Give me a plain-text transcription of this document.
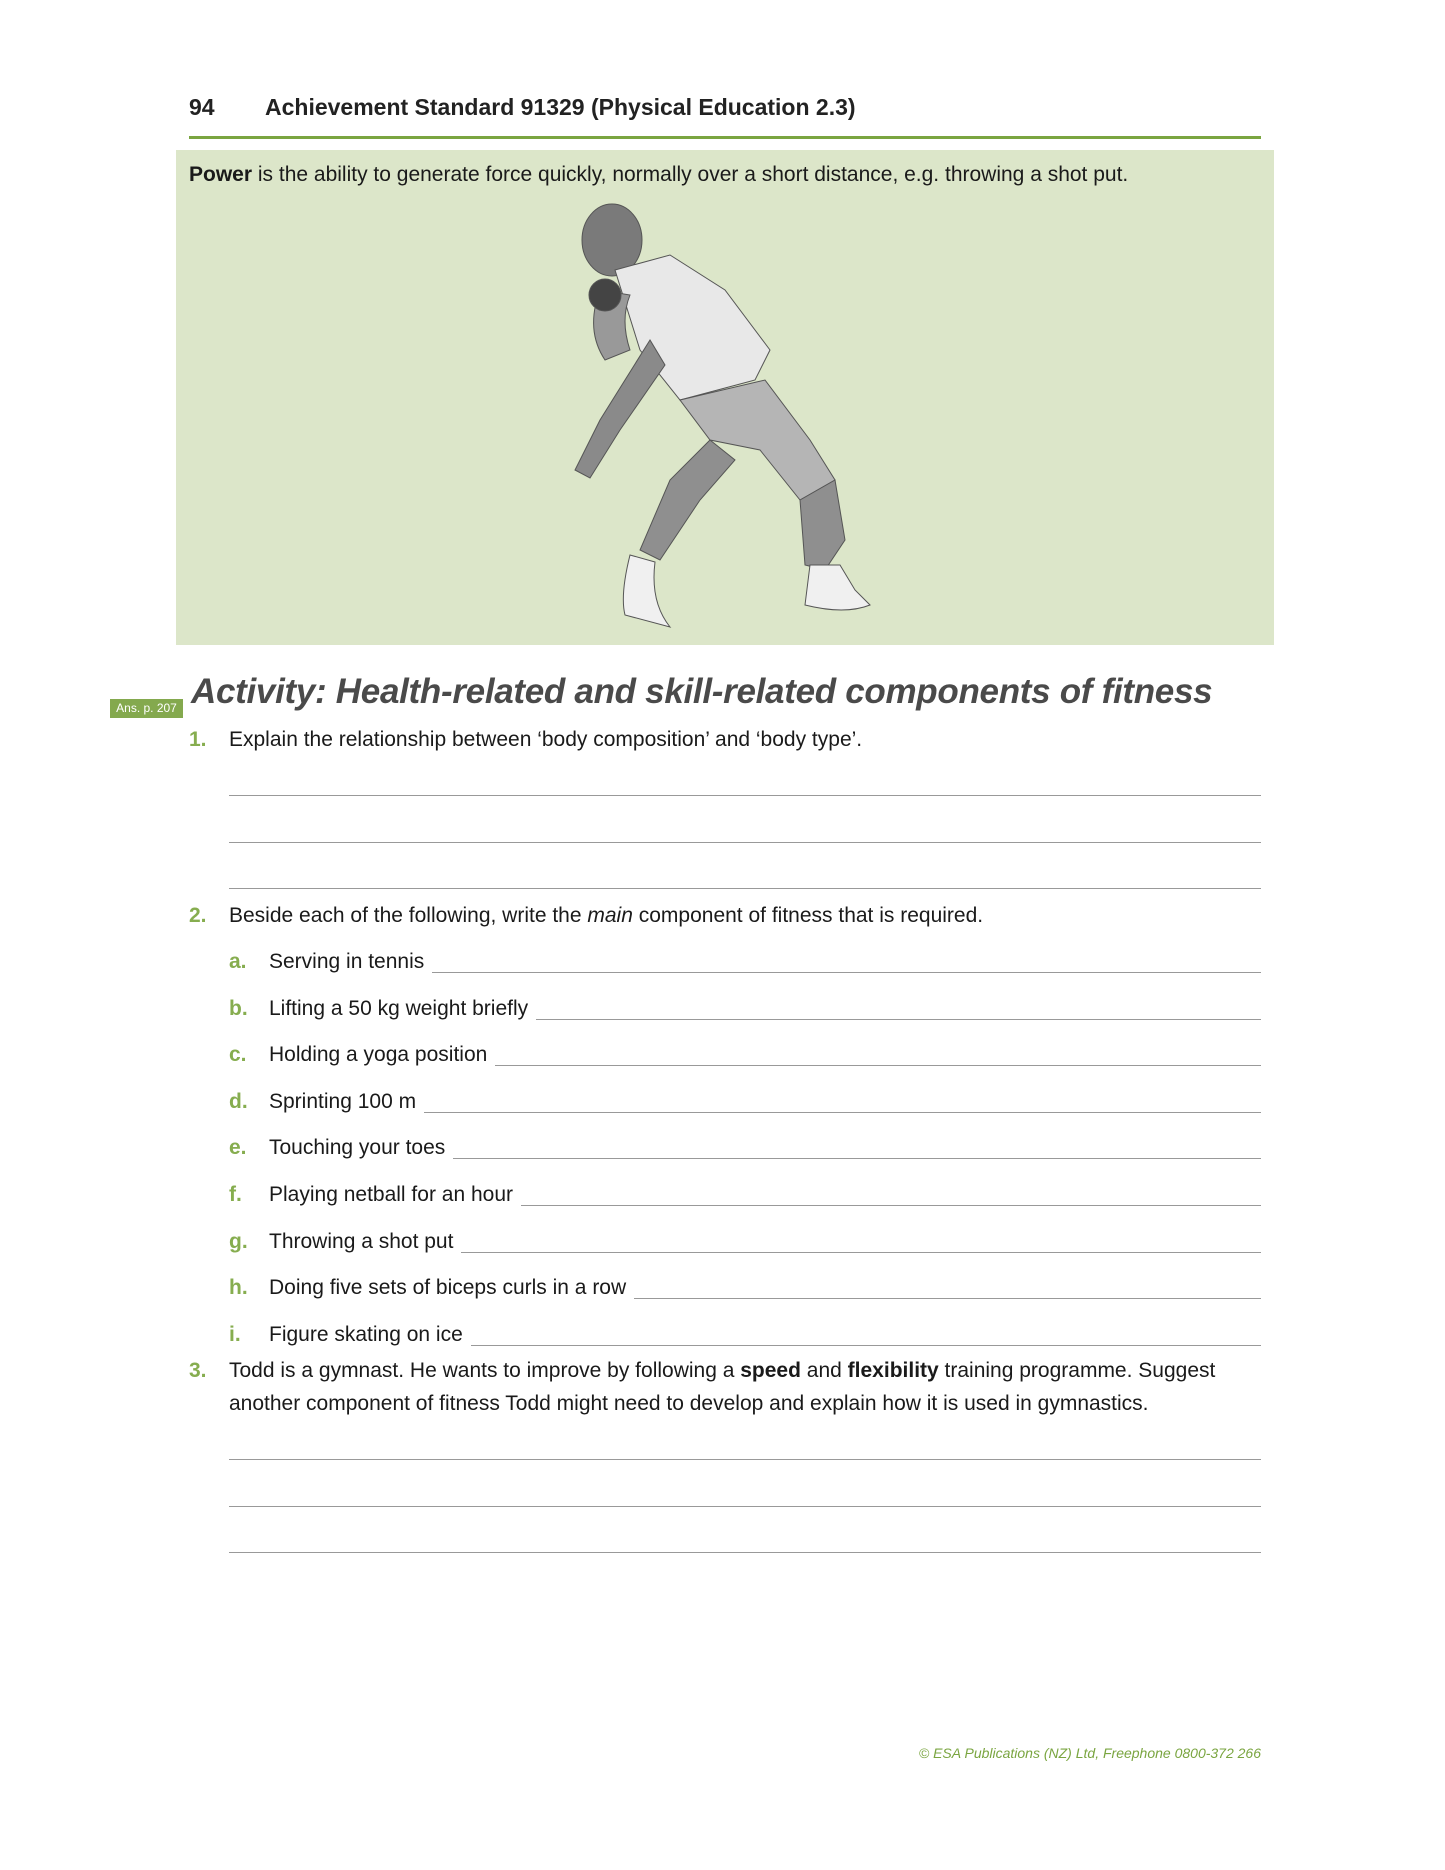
94 Achievement Standard 91329 (Physical Education 2.3)
Power is the ability to generate force quickly, normally over a short distance, e.g. throwing a shot put.
Ans. p. 207 Activity: Health-related and skill-related components of fitness
1. Explain the relationship between ‘body composition’ and ‘body type’.
2. Beside each of the following, write the main component of fitness that is required.
a. Serving in tennis
b. Lifting a 50 kg weight briefly
c. Holding a yoga position
d. Sprinting 100 m
e. Touching your toes
f. Playing netball for an hour
g. Throwing a shot put
h. Doing five sets of biceps curls in a row
i. Figure skating on ice
3. Todd is a gymnast. He wants to improve by following a speed and flexibility training programme. Suggest
another component of fitness Todd might need to develop and explain how it is used in gymnastics.
© ESA Publications (NZ) Ltd, Freephone 0800-372 266
